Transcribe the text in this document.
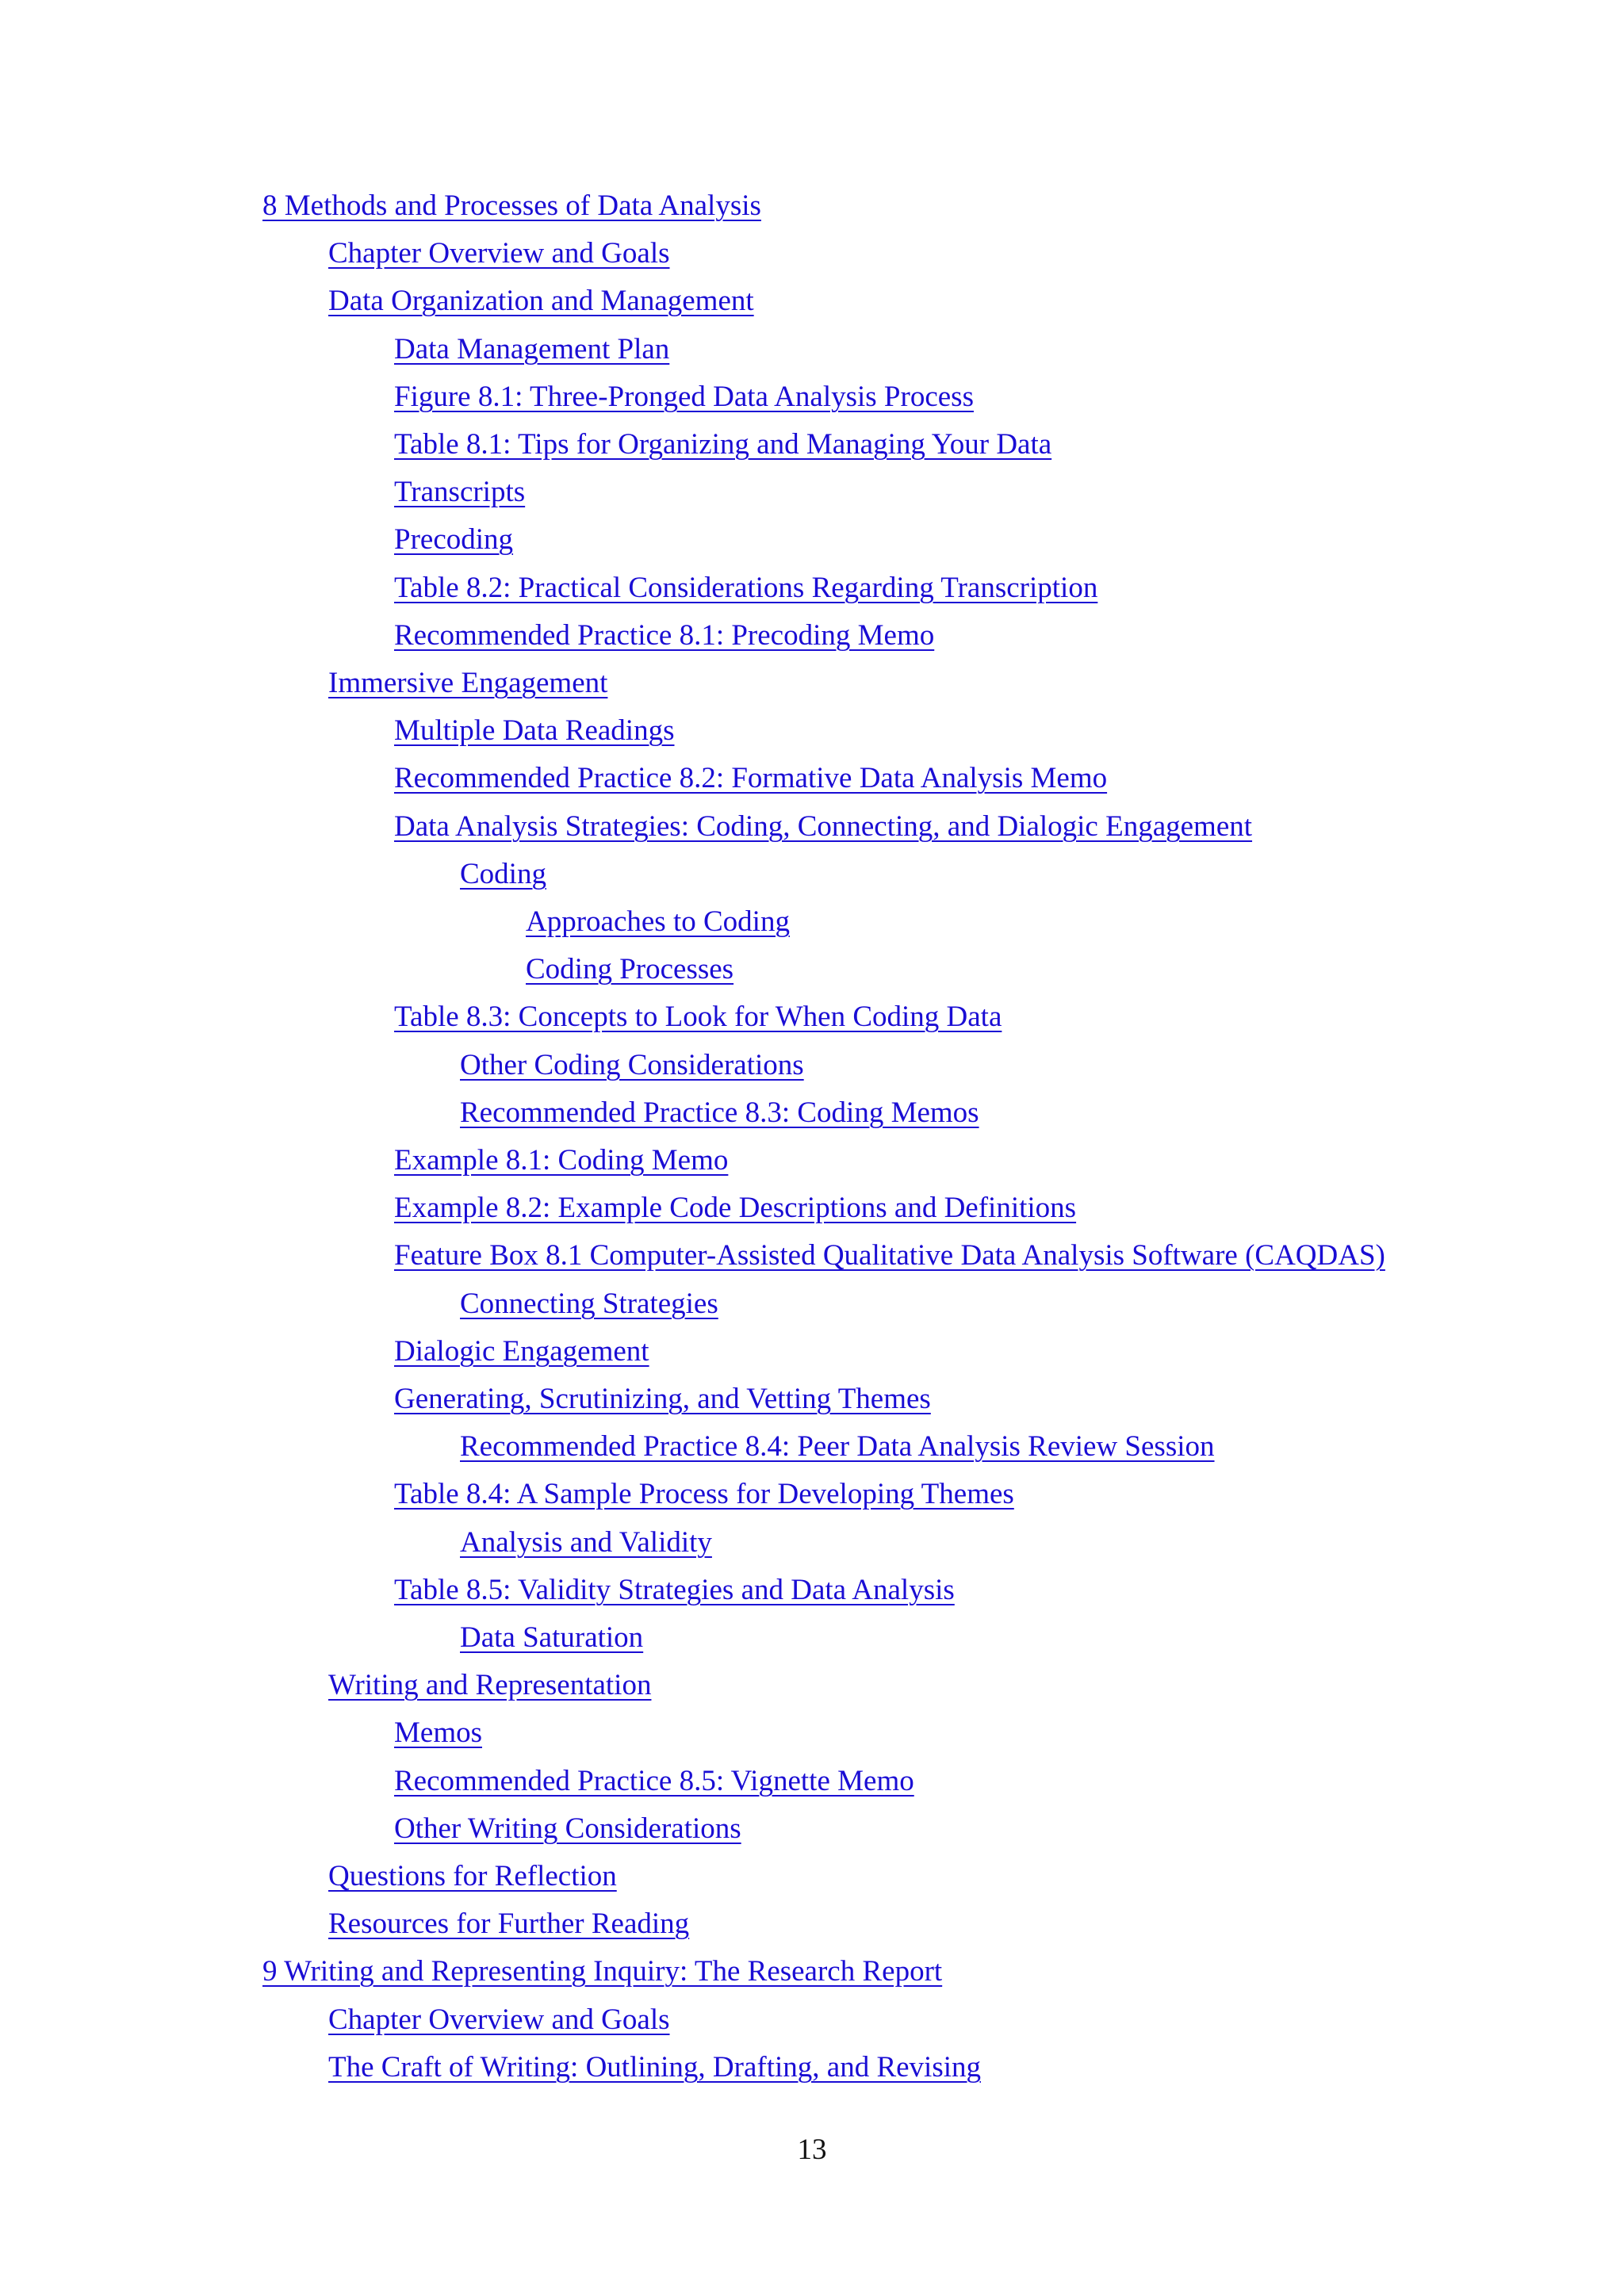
8 Methods and Processes of Data Analysis
Chapter Overview and Goals
Data Organization and Management
Data Management Plan
Figure 8.1: Three-Pronged Data Analysis Process
Table 8.1: Tips for Organizing and Managing Your Data
Transcripts
Precoding
Table 8.2: Practical Considerations Regarding Transcription
Recommended Practice 8.1: Precoding Memo
Immersive Engagement
Multiple Data Readings
Recommended Practice 8.2: Formative Data Analysis Memo
Data Analysis Strategies: Coding, Connecting, and Dialogic Engagement
Coding
Approaches to Coding
Coding Processes
Table 8.3: Concepts to Look for When Coding Data
Other Coding Considerations
Recommended Practice 8.3: Coding Memos
Example 8.1: Coding Memo
Example 8.2: Example Code Descriptions and Definitions
Feature Box 8.1 Computer-Assisted Qualitative Data Analysis Software (CAQDAS)
Connecting Strategies
Dialogic Engagement
Generating, Scrutinizing, and Vetting Themes
Recommended Practice 8.4: Peer Data Analysis Review Session
Table 8.4: A Sample Process for Developing Themes
Analysis and Validity
Table 8.5: Validity Strategies and Data Analysis
Data Saturation
Writing and Representation
Memos
Recommended Practice 8.5: Vignette Memo
Other Writing Considerations
Questions for Reflection
Resources for Further Reading
9 Writing and Representing Inquiry: The Research Report
Chapter Overview and Goals
The Craft of Writing: Outlining, Drafting, and Revising
13
